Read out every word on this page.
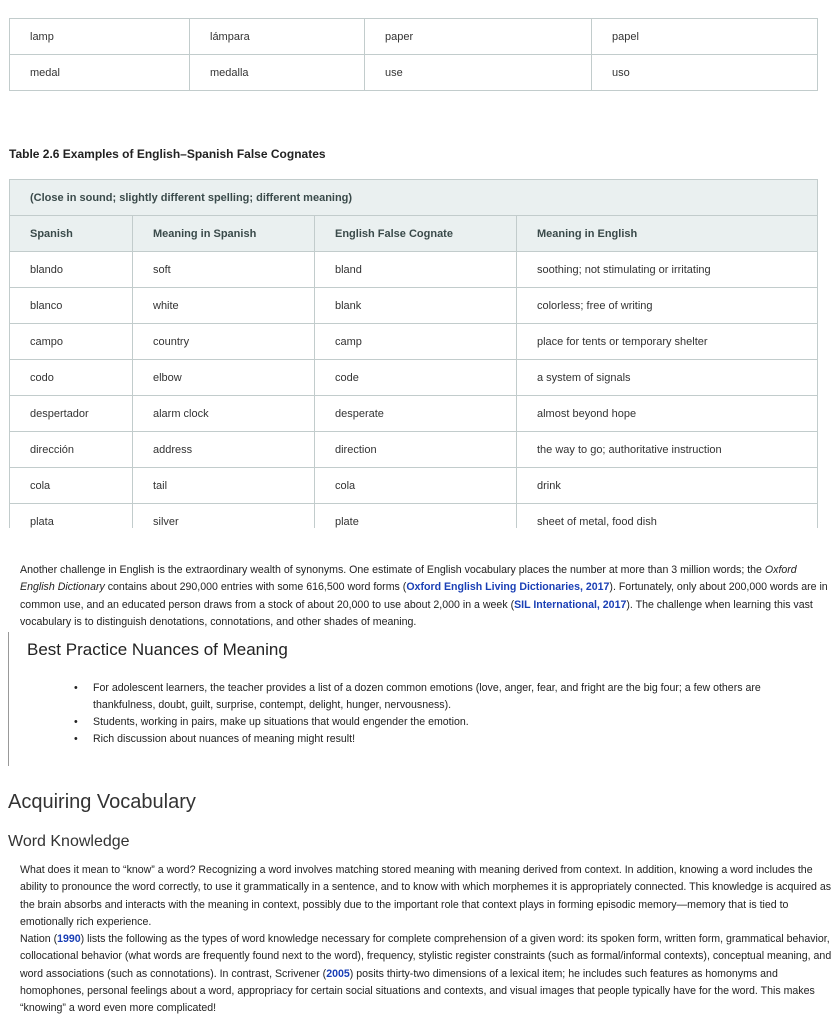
lamp	lámpara	paper	papel
medal	medalla	use	uso
Table 2.6 Examples of English–Spanish False Cognates
(Close in sound; slightly different spelling; different meaning)			
Spanish	Meaning in Spanish	English False Cognate	Meaning in English
blando	soft	bland	soothing; not stimulating or irritating
blanco	white	blank	colorless; free of writing
campo	country	camp	place for tents or temporary shelter
codo	elbow	code	a system of signals
despertador	alarm clock	desperate	almost beyond hope
dirección	address	direction	the way to go; authoritative instruction
cola	tail	cola	drink
plata	silver	plate	sheet of metal, food dish

Another challenge in English is the extraordinary wealth of synonyms. One estimate of English vocabulary places the number at more than 3 million words; the Oxford English Dictionary contains about 290,000 entries with some 616,500 word forms (Oxford English Living Dictionaries, 2017). Fortunately, only about 200,000 words are in common use, and an educated person draws from a stock of about 20,000 to use about 2,000 in a week (SIL International, 2017). The challenge when learning this vast vocabulary is to distinguish denotations, connotations, and other shades of meaning.

Best Practice Nuances of Meaning
• For adolescent learners, the teacher provides a list of a dozen common emotions (love, anger, fear, and fright are the big four; a few others are thankfulness, doubt, guilt, surprise, contempt, delight, hunger, nervousness).
• Students, working in pairs, make up situations that would engender the emotion.
• Rich discussion about nuances of meaning might result!
Acquiring Vocabulary
Word Knowledge

What does it mean to “know” a word? Recognizing a word involves matching stored meaning with meaning derived from context. In addition, knowing a word includes the ability to pronounce the word correctly, to use it grammatically in a sentence, and to know with which morphemes it is appropriately connected. This knowledge is acquired as the brain absorbs and interacts with the meaning in context, possibly due to the important role that context plays in forming episodic memory—memory that is tied to emotionally rich experience.

Nation (1990) lists the following as the types of word knowledge necessary for complete comprehension of a given word: its spoken form, written form, grammatical behavior, collocational behavior (what words are frequently found next to the word), frequency, stylistic register constraints (such as formal/informal contexts), conceptual meaning, and word associations (such as connotations). In contrast, Scrivener (2005) posits thirty-two dimensions of a lexical item; he includes such features as homonyms and homophones, personal feelings about a word, appropriacy for certain social situations and contexts, and visual images that people typically have for the word. This makes “knowing” a word even more complicated!
